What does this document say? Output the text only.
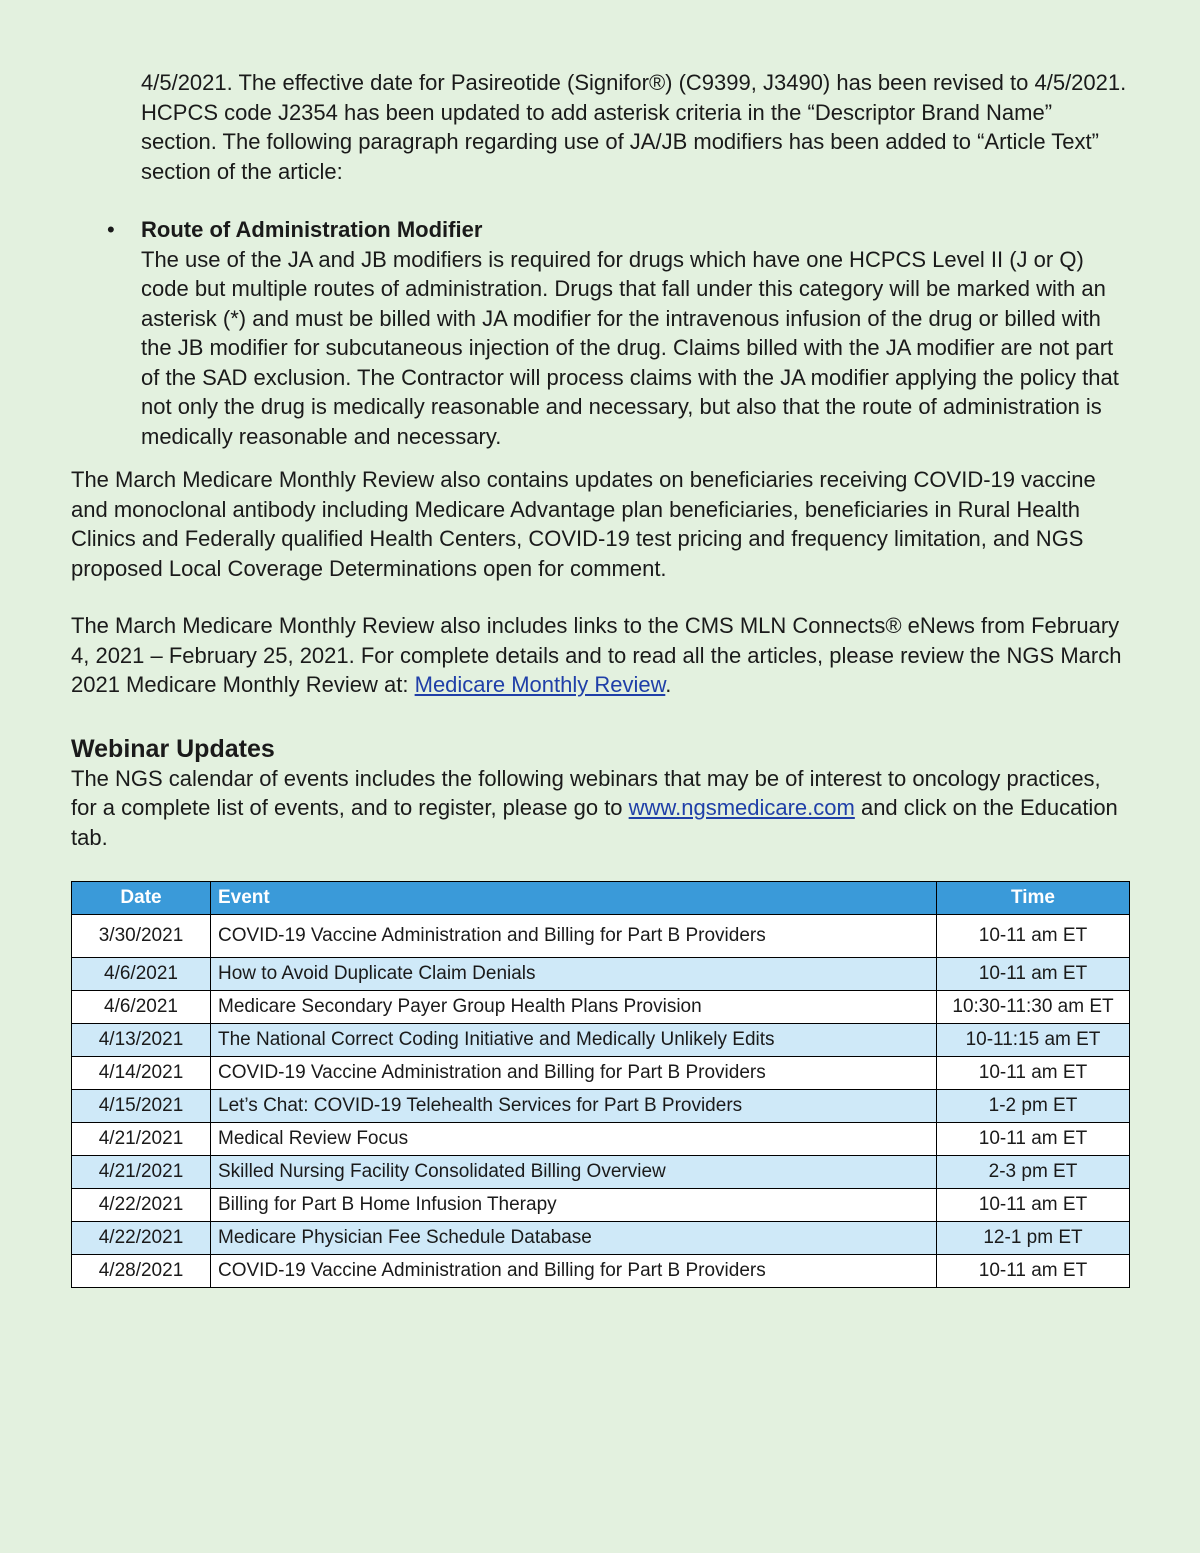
4/5/2021. The effective date for Pasireotide (Signifor®) (C9399, J3490) has been revised to 4/5/2021. HCPCS code J2354 has been updated to add asterisk criteria in the “Descriptor Brand Name” section. The following paragraph regarding use of JA/JB modifiers has been added to “Article Text” section of the article:

• Route of Administration Modifier

The use of the JA and JB modifiers is required for drugs which have one HCPCS Level II (J or Q) code but multiple routes of administration. Drugs that fall under this category will be marked with an asterisk (*) and must be billed with JA modifier for the intravenous infusion of the drug or billed with the JB modifier for subcutaneous injection of the drug. Claims billed with the JA modifier are not part of the SAD exclusion. The Contractor will process claims with the JA modifier applying the policy that not only the drug is medically reasonable and necessary, but also that the route of administration is medically reasonable and necessary.

The March Medicare Monthly Review also contains updates on beneficiaries receiving COVID-19 vaccine and monoclonal antibody including Medicare Advantage plan beneficiaries, beneficiaries in Rural Health Clinics and Federally qualified Health Centers, COVID-19 test pricing and frequency limitation, and NGS proposed Local Coverage Determinations open for comment.

The March Medicare Monthly Review also includes links to the CMS MLN Connects® eNews from February 4, 2021 – February 25, 2021. For complete details and to read all the articles, please review the NGS March 2021 Medicare Monthly Review at: Medicare Monthly Review.

Webinar Updates

The NGS calendar of events includes the following webinars that may be of interest to oncology practices, for a complete list of events, and to register, please go to www.ngsmedicare.com and click on the Education tab.

Date	Event	Time
3/30/2021	COVID-19 Vaccine Administration and Billing for Part B Providers	10-11 am ET
4/6/2021	How to Avoid Duplicate Claim Denials	10-11 am ET
4/6/2021	Medicare Secondary Payer Group Health Plans Provision	10:30-11:30 am ET
4/13/2021	The National Correct Coding Initiative and Medically Unlikely Edits	10-11:15 am ET
4/14/2021	COVID-19 Vaccine Administration and Billing for Part B Providers	10-11 am ET
4/15/2021	Let’s Chat: COVID-19 Telehealth Services for Part B Providers	1-2 pm ET
4/21/2021	Medical Review Focus	10-11 am ET
4/21/2021	Skilled Nursing Facility Consolidated Billing Overview	2-3 pm ET
4/22/2021	Billing for Part B Home Infusion Therapy	10-11 am ET
4/22/2021	Medicare Physician Fee Schedule Database	12-1 pm ET
4/28/2021	COVID-19 Vaccine Administration and Billing for Part B Providers	10-11 am ET
